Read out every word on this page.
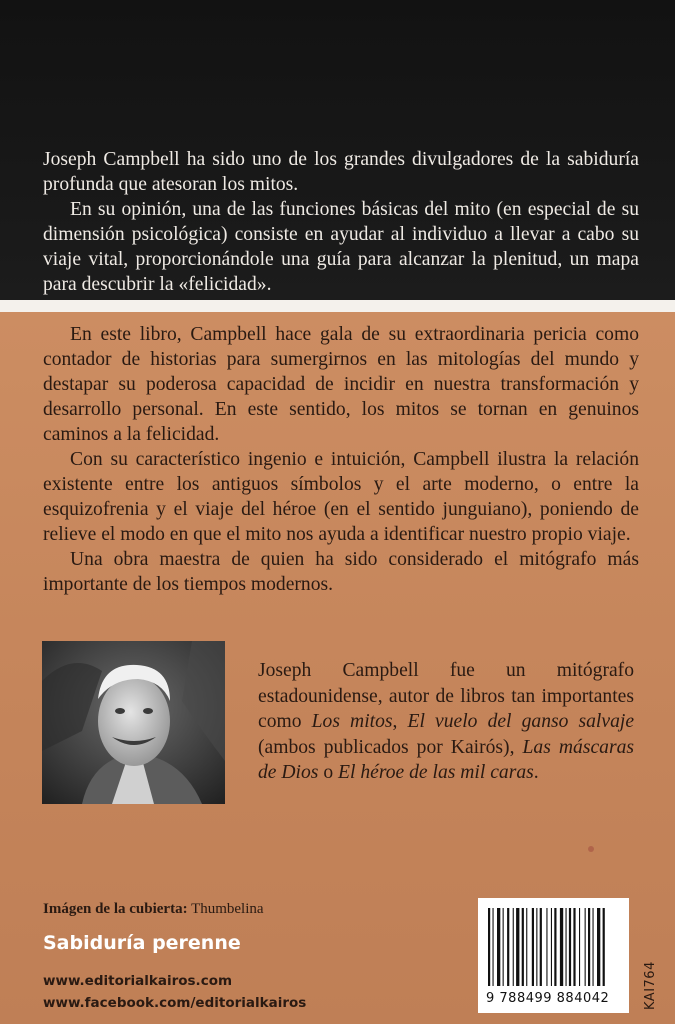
Joseph Campbell ha sido uno de los grandes divulgadores de la sabiduría profunda que atesoran los mitos.

En su opinión, una de las funciones básicas del mito (en especial de su dimensión psicológica) consiste en ayudar al individuo a llevar a cabo su viaje vital, proporcionándole una guía para alcanzar la plenitud, un mapa para descubrir la «felicidad».

En este libro, Campbell hace gala de su extraordinaria pericia como contador de historias para sumergirnos en las mitologías del mundo y destapar su poderosa capacidad de incidir en nuestra transformación y desarrollo personal. En este sentido, los mitos se tornan en genuinos caminos a la felicidad.

Con su característico ingenio e intuición, Campbell ilustra la relación existente entre los antiguos símbolos y el arte moderno, o entre la esquizofrenia y el viaje del héroe (en el sentido junguiano), poniendo de relieve el modo en que el mito nos ayuda a identificar nuestro propio viaje.

Una obra maestra de quien ha sido considerado el mitógrafo más importante de los tiempos modernos.

Joseph Campbell fue un mitógrafo estadounidense, autor de libros tan importantes como Los mitos, El vuelo del ganso salvaje (ambos publicados por Kairós), Las máscaras de Dios o El héroe de las mil caras.
Imágen de la cubierta: Thumbelina
Sabiduría perenne
www.editorialkairos.com
www.facebook.com/editorialkairos	9 788499 884042	KAI764
